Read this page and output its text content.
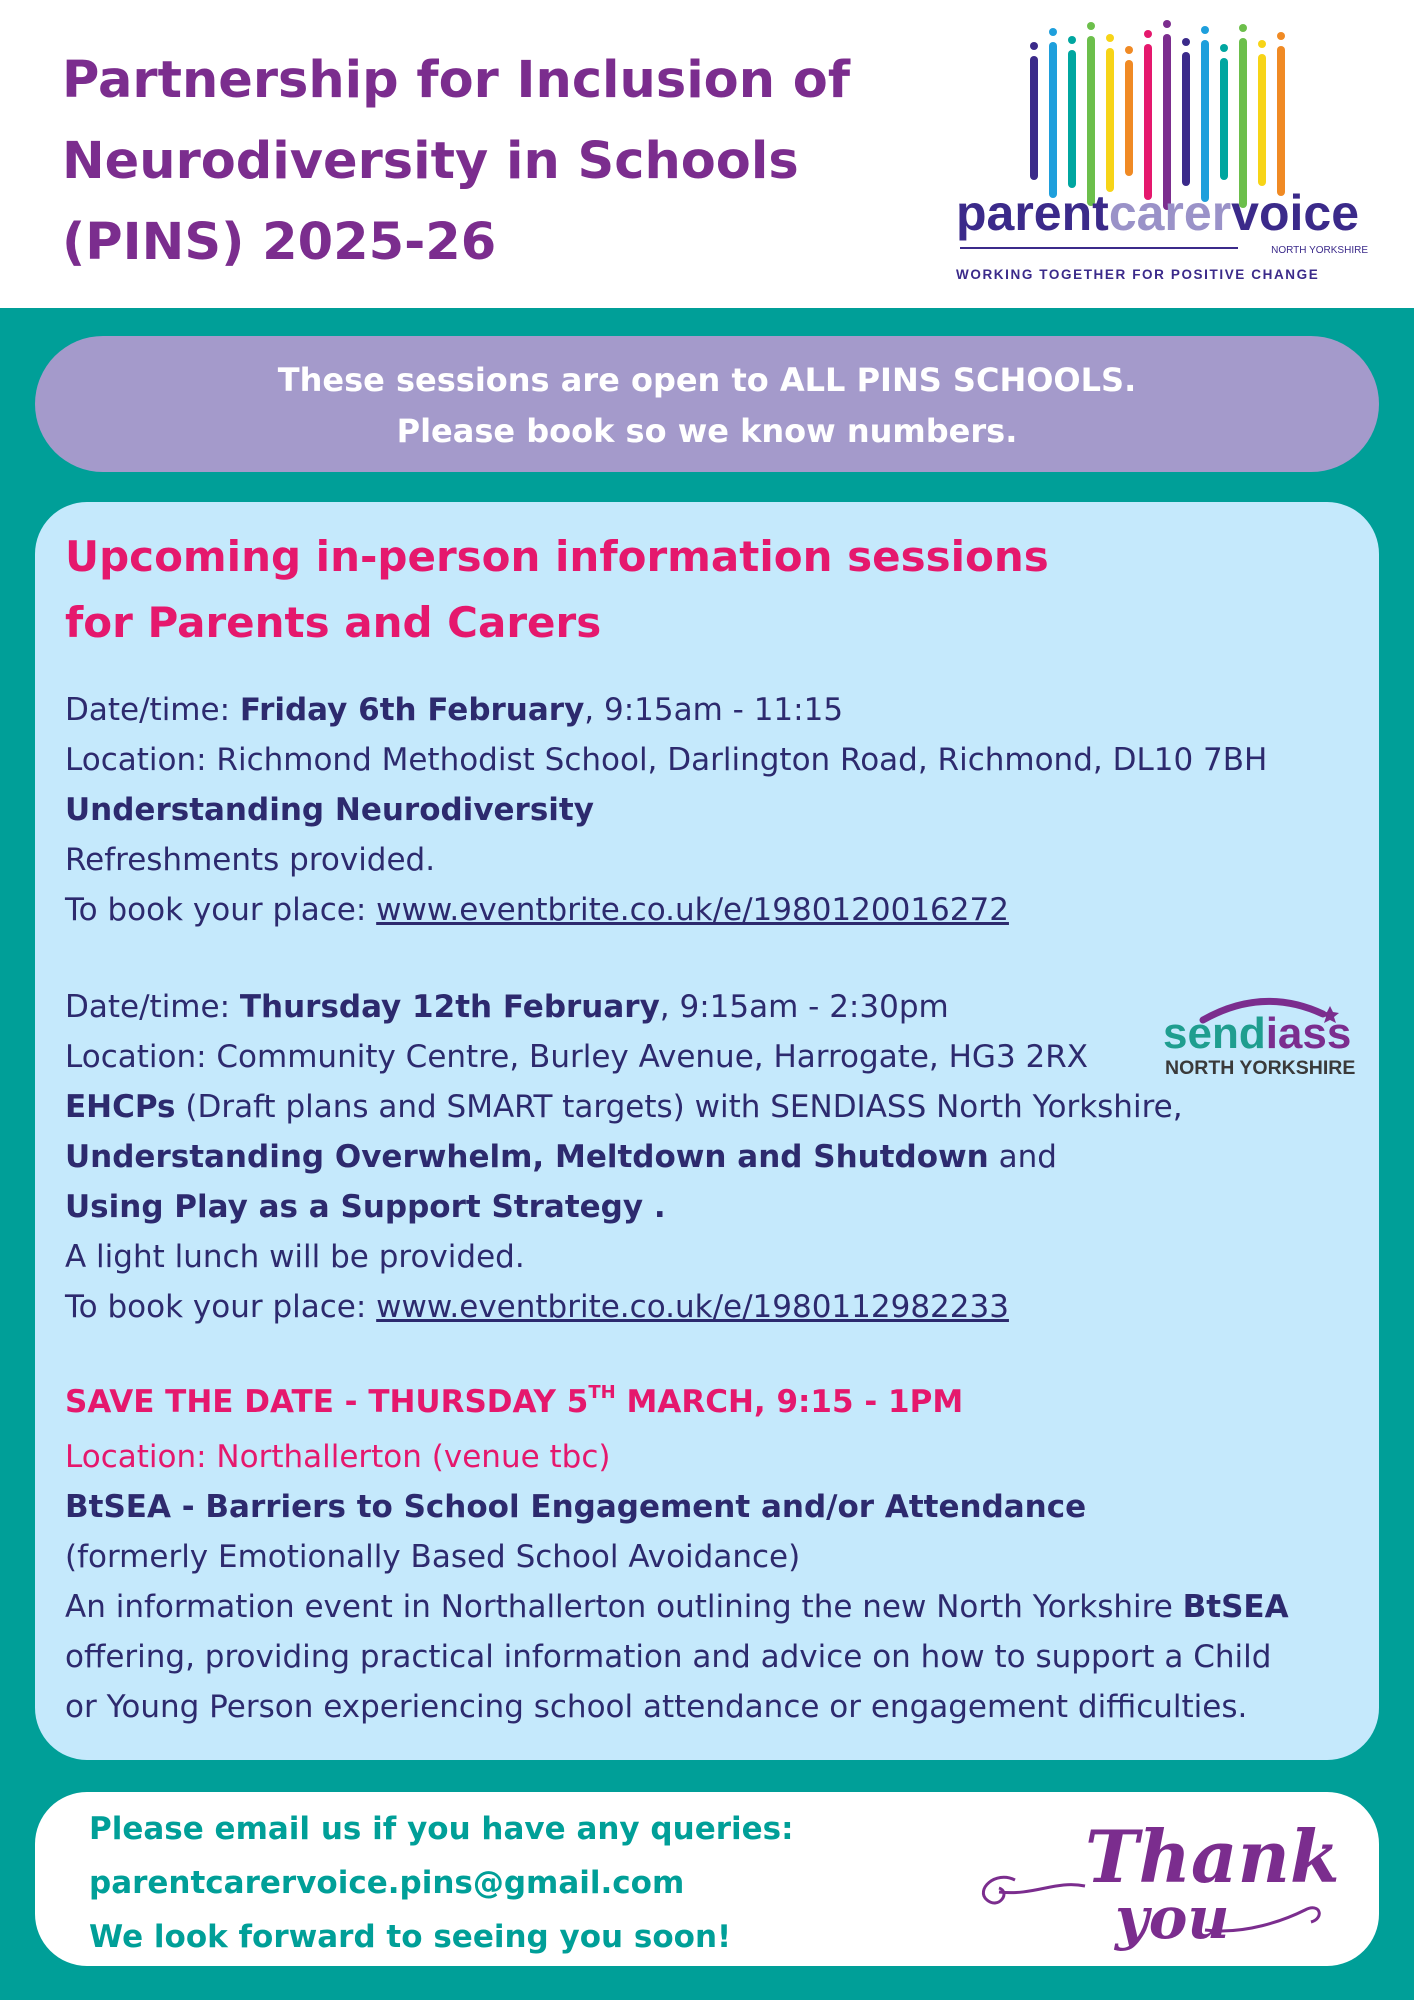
Partnership for Inclusion of
Neurodiversity in Schools
(PINS) 2025-26	parentcarervoice
NORTH YORKSHIRE
WORKING TOGETHER FOR POSITIVE CHANGE
These sessions are open to ALL PINS SCHOOLS.
Please book so we know numbers.
Upcoming in-person information sessions
for Parents and Carers
Date/time: Friday 6th February, 9:15am - 11:15
Location: Richmond Methodist School, Darlington Road, Richmond, DL10 7BH
Understanding Neurodiversity
Refreshments provided.
To book your place: www.eventbrite.co.uk/e/1980120016272
Date/time: Thursday 12th February, 9:15am - 2:30pm
Location: Community Centre, Burley Avenue, Harrogate, HG3 2RX
EHCPs (Draft plans and SMART targets) with SENDIASS North Yorkshire,
Understanding Overwhelm, Meltdown and Shutdown and
Using Play as a Support Strategy .
A light lunch will be provided.
To book your place: www.eventbrite.co.uk/e/1980112982233
SAVE THE DATE - THURSDAY 5TH MARCH, 9:15 - 1PM
Location: Northallerton (venue tbc)
BtSEA - Barriers to School Engagement and/or Attendance
(formerly Emotionally Based School Avoidance)
An information event in Northallerton outlining the new North Yorkshire BtSEA
offering, providing practical information and advice on how to support a Child
or Young Person experiencing school attendance or engagement difficulties.
sendiass
NORTH YORKSHIRE
Please email us if you have any queries:
parentcarervoice.pins@gmail.com
We look forward to seeing you soon!
Thank
you
